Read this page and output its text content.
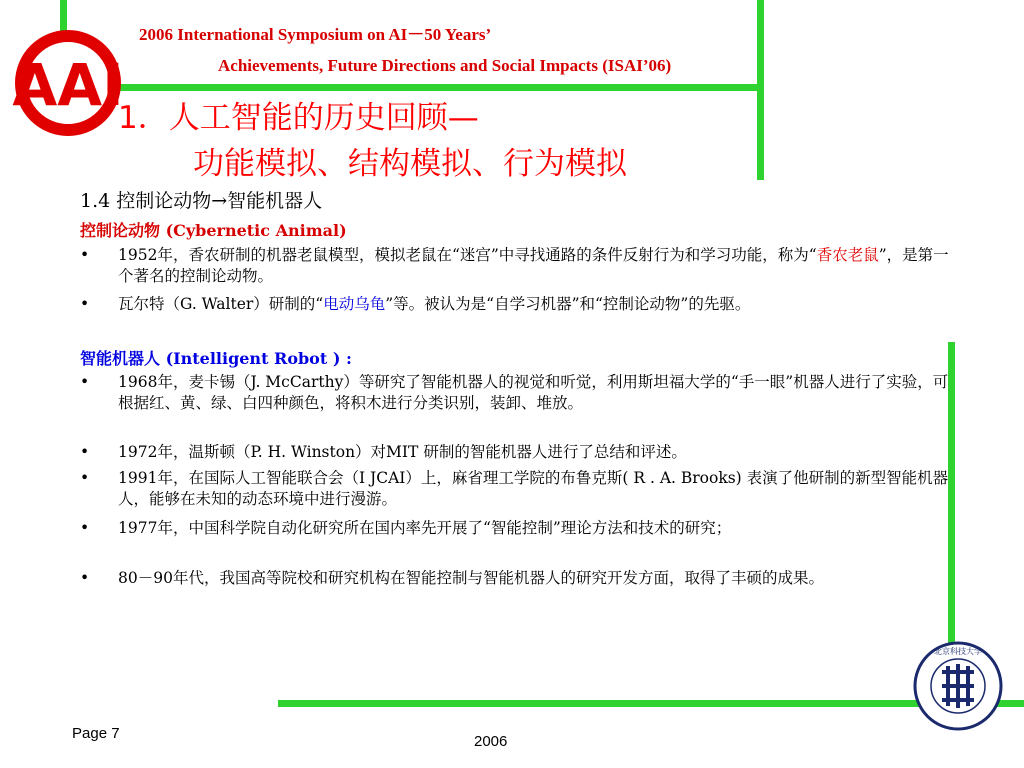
AAI
2006 International Symposium on AI－50 Years’
Achievements, Future Directions and Social Impacts (ISAI’06)
1．人工智能的历史回顾—
功能模拟、结构模拟、行为模拟
1.4 控制论动物→智能机器人
控制论动物 (Cybernetic Animal)
•	1952年，香农研制的机器老鼠模型，模拟老鼠在“迷宫”中寻找通路的条件反射行为和学习功能，称为“香农老鼠”，是第一个著名的控制论动物。
•	瓦尔特（G. Walter）研制的“电动乌龟”等。被认为是“自学习机器”和“控制论动物”的先驱。
智能机器人 (Intelligent Robot ) :
•	1968年，麦卡锡（J. McCarthy）等研究了智能机器人的视觉和听觉，利用斯坦福大学的“手一眼”机器人进行了实验，可根据红、黄、绿、白四种颜色，将积木进行分类识别，装卸、堆放。
•	1972年，温斯顿（P. H. Winston）对MIT 研制的智能机器人进行了总结和评述。
•	1991年，在国际人工智能联合会（I JCAI）上，麻省理工学院的布鲁克斯( R . A. Brooks) 表演了他研制的新型智能机器人，能够在未知的动态环境中进行漫游。
•	1977年，中国科学院自动化研究所在国内率先开展了“智能控制”理论方法和技术的研究；
•	80－90年代，我国高等院校和研究机构在智能控制与智能机器人的研究开发方面，取得了丰硕的成果。
北京科技大学
Page 7	2006
